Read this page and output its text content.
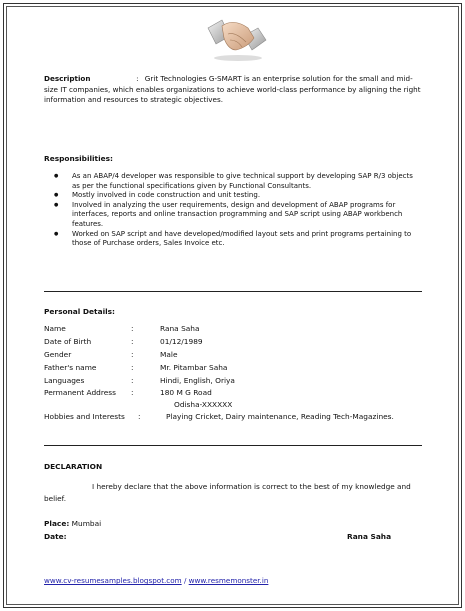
Description	: Grit Technologies G-SMART is an enterprise solution for the small and mid-size IT companies, which enables organizations to achieve world-class performance by aligning the right information and resources to strategic objectives.
Responsibilities:
● As an ABAP/4 developer was responsible to give technical support by developing SAP R/3 objects as per the functional specifications given by Functional Consultants.
● Mostly involved in code construction and unit testing.
● Involved in analyzing the user requirements, design and development of ABAP programs for interfaces, reports and online transaction programming and SAP script using ABAP workbench features.
● Worked on SAP script and have developed/modified layout sets and print programs pertaining to those of Purchase orders, Sales Invoice etc.
Personal Details:
Name	:	Rana Saha
Date of Birth	:	01/12/1989
Gender	:	Male
Father's name	:	Mr. Pitambar Saha
Languages	:	Hindi, English, Oriya
Permanent Address :	180 M G Road
Odisha-XXXXXX
Hobbies and Interests :	Playing Cricket, Dairy maintenance, Reading Tech-Magazines.
DECLARATION
I hereby declare that the above information is correct to the best of my knowledge and belief.
Place: Mumbai
Date:	Rana Saha
www.cv-resumesamples.blogspot.com / www.resmemonster.in
